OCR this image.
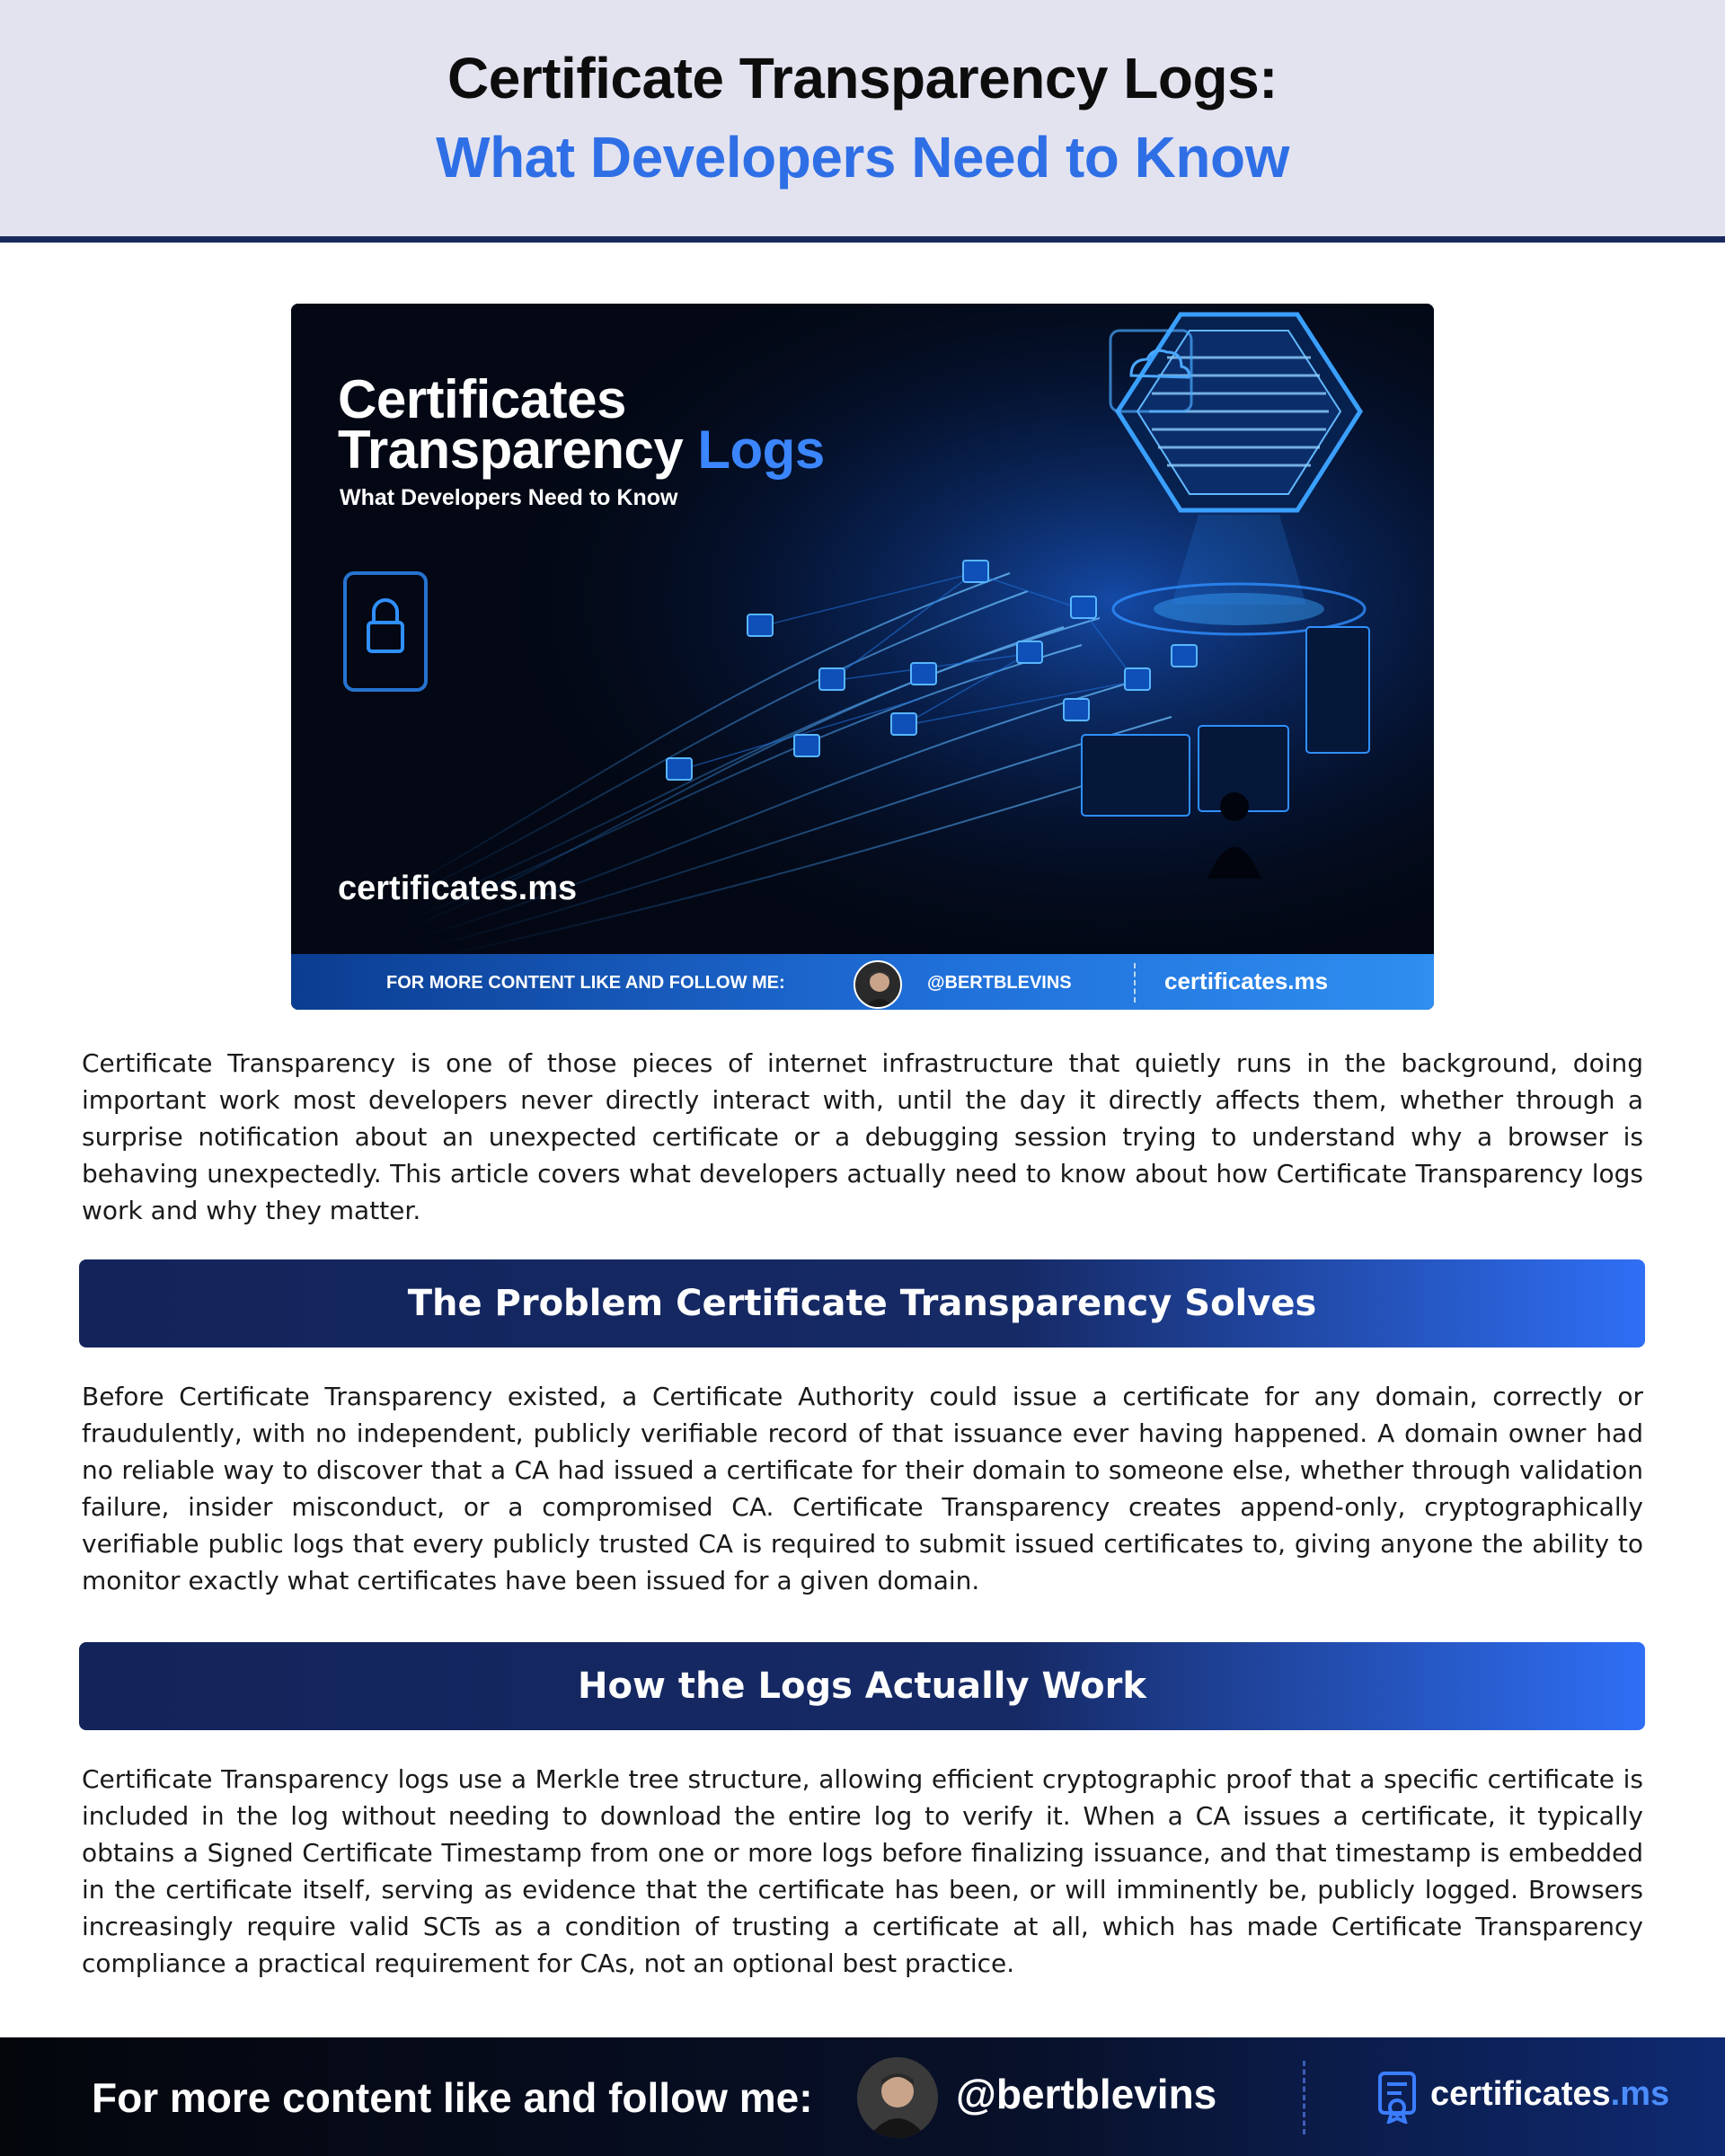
Certificate Transparency Logs:
What Developers Need to Know
Certificates
Transparency Logs
What Developers Need to Know
certificates.ms
FOR MORE CONTENT LIKE AND FOLLOW ME:	@BERTBLEVINS	certificates.ms

Certificate Transparency is one of those pieces of internet infrastructure that quietly runs in the background, doing important work most developers never directly interact with, until the day it directly affects them, whether through a surprise notification about an unexpected certificate or a debugging session trying to understand why a browser is behaving unexpectedly. This article covers what developers actually need to know about how Certificate Transparency logs work and why they matter.

The Problem Certificate Transparency Solves

Before Certificate Transparency existed, a Certificate Authority could issue a certificate for any domain, correctly or fraudulently, with no independent, publicly verifiable record of that issuance ever having happened. A domain owner had no reliable way to discover that a CA had issued a certificate for their domain to someone else, whether through validation failure, insider misconduct, or a compromised CA. Certificate Transparency creates append-only, cryptographically verifiable public logs that every publicly trusted CA is required to submit issued certificates to, giving anyone the ability to monitor exactly what certificates have been issued for a given domain.

How the Logs Actually Work

Certificate Transparency logs use a Merkle tree structure, allowing efficient cryptographic proof that a specific certificate is included in the log without needing to download the entire log to verify it. When a CA issues a certificate, it typically obtains a Signed Certificate Timestamp from one or more logs before finalizing issuance, and that timestamp is embedded in the certificate itself, serving as evidence that the certificate has been, or will imminently be, publicly logged. Browsers increasingly require valid SCTs as a condition of trusting a certificate at all, which has made Certificate Transparency compliance a practical requirement for CAs, not an optional best practice.

For more content like and follow me:	@bertblevins	certificates.ms
